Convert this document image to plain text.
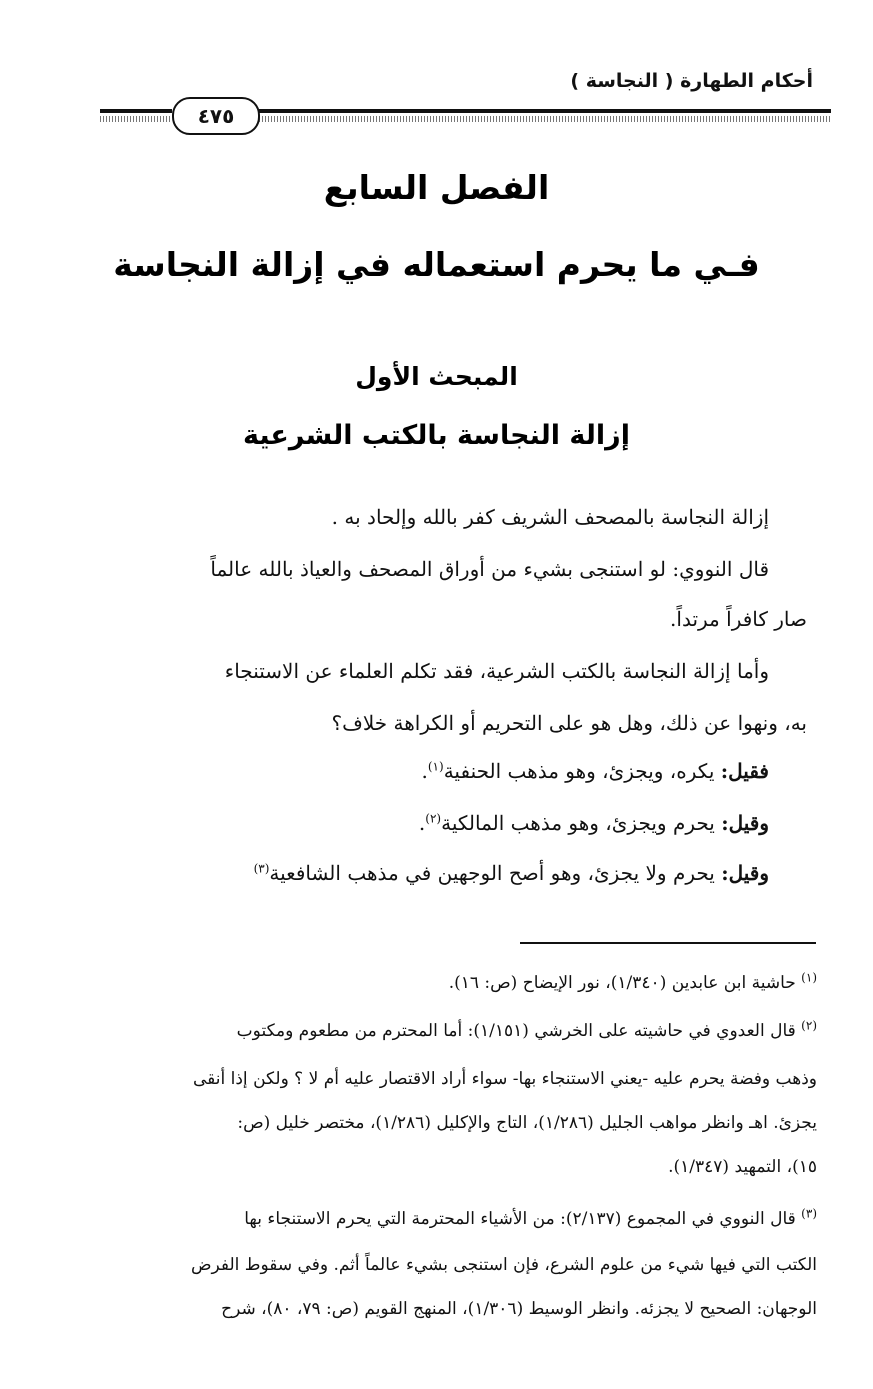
أحكام الطهارة ( النجاسة )
٤٧٥
الفصل السابع
فـي ما يحرم استعماله في إزالة النجاسة
المبحث الأول
إزالة النجاسة بالكتب الشرعية
إزالة النجاسة بالمصحف الشريف كفر بالله وإلحاد به .
قال النووي: لو استنجى بشيء من أوراق المصحف والعياذ بالله عالماً
صار كافراً مرتداً.
وأما إزالة النجاسة بالكتب الشرعية، فقد تكلم العلماء عن الاستنجاء
به، ونهوا عن ذلك، وهل هو على التحريم أو الكراهة خلاف؟
فقيل: يكره، ويجزئ، وهو مذهب الحنفية$^{(١)}$.
وقيل: يحرم ويجزئ، وهو مذهب المالكية$^{(٢)}$.
وقيل: يحرم ولا يجزئ، وهو أصح الوجهين في مذهب الشافعية$^{(٣)}$
$^{(١)}$ حاشية ابن عابدين (١/٣٤٠)، نور الإيضاح (ص: ١٦).
$^{(٢)}$ قال العدوي في حاشيته على الخرشي (١/١٥١): أما المحترم من مطعوم ومكتوب
وذهب وفضة يحرم عليه -يعني الاستنجاء بها- سواء أراد الاقتصار عليه أم لا ؟ ولكن إذا أنقى
يجزئ. اهـ وانظر مواهب الجليل (١/٢٨٦)، التاج والإكليل (١/٢٨٦)، مختصر خليل (ص:
١٥)، التمهيد (١/٣٤٧).
$^{(٣)}$ قال النووي في المجموع (٢/١٣٧): من الأشياء المحترمة التي يحرم الاستنجاء بها
الكتب التي فيها شيء من علوم الشرع، فإن استنجى بشيء عالماً أثم. وفي سقوط الفرض
الوجهان: الصحيح لا يجزئه. وانظر الوسيط (١/٣٠٦)، المنهج القويم (ص: ٧٩، ٨٠)، شرح
